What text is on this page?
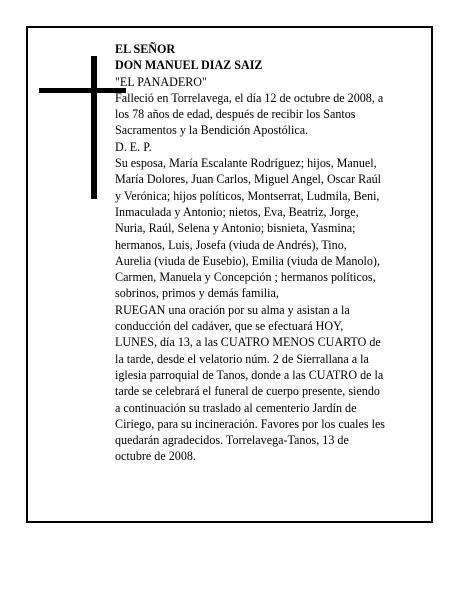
EL SEÑOR
DON MANUEL DIAZ SAIZ
"EL PANADERO"
Falleció en Torrelavega, el día 12 de octubre de 2008, a
los 78 años de edad, después de recibir los Santos
Sacramentos y la Bendición Apostólica.
D. E. P.
Su esposa, María Escalante Rodríguez; hijos, Manuel,
María Dolores, Juan Carlos, Miguel Angel, Oscar Raúl
y Verónica; hijos políticos, Montserrat, Ludmila, Beni,
Inmaculada y Antonio; nietos, Eva, Beatriz, Jorge,
Nuria, Raúl, Selena y Antonio; bisnieta, Yasmina;
hermanos, Luis, Josefa (viuda de Andrés), Tino,
Aurelia (viuda de Eusebio), Emilia (viuda de Manolo),
Carmen, Manuela y Concepción ; hermanos políticos,
sobrinos, primos y demás familia,
RUEGAN una oración por su alma y asistan a la
conducción del cadáver, que se efectuará HOY,
LUNES, día 13, a las CUATRO MENOS CUARTO de
la tarde, desde el velatorio núm. 2 de Sierrallana a la
iglesia parroquial de Tanos, donde a las CUATRO de la
tarde se celebrará el funeral de cuerpo presente, siendo
a continuación su traslado al cementerio Jardín de
Ciriego, para su incineración. Favores por los cuales les
quedarán agradecidos. Torrelavega-Tanos, 13 de
octubre de 2008.
